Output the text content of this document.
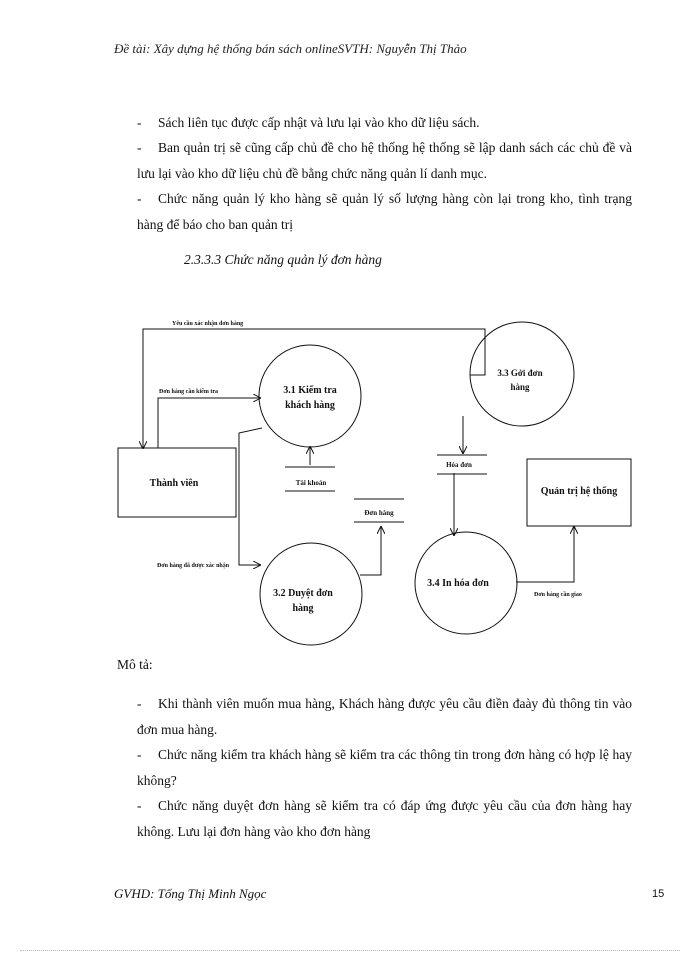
Đề tài: Xây dựng hệ thống bán sách onlineSVTH: Nguyễn Thị Thảo
- Sách liên tục được cấp nhật và lưu lại vào kho dữ liệu sách.
- Ban quản trị sẽ cũng cấp chủ đề cho hệ thống hệ thống sẽ lập danh sách các chủ đề và lưu lại vào kho dữ liệu chủ đề bằng chức năng quản lí danh mục.
- Chức năng quản lý kho hàng sẽ quản lý số lượng hàng còn lại trong kho, tình trạng hàng để báo cho ban quản trị
2.3.3.3 Chức năng quản lý đơn hàng
3.1 Kiểm tra
khách hàng
3.2 Duyệt đơn
hàng
3.3 Gởi đơn
hàng
3.4 In hóa đơn
Thành viên
Quản trị hệ thống
Tài khoản
Đơn hàng
Hóa đơn
Yêu cầu xác nhận đơn hàng
Đơn hàng cần kiểm tra
Đơn hàng đã được xác nhận
Đơn hàng cần giao
Mô tả:
- Khi thành viên muốn mua hàng, Khách hàng được yêu cầu điền đaày đủ thông tin vào đơn mua hàng.
- Chức năng kiểm tra khách hàng sẽ kiểm tra các thông tin trong đơn hàng có hợp lệ hay không?
- Chức năng duyệt đơn hàng sẽ kiểm tra có đáp ứng được yêu cầu của đơn hàng hay không. Lưu lại đơn hàng vào kho đơn hàng
GVHD: Tống Thị Minh Ngọc	15
